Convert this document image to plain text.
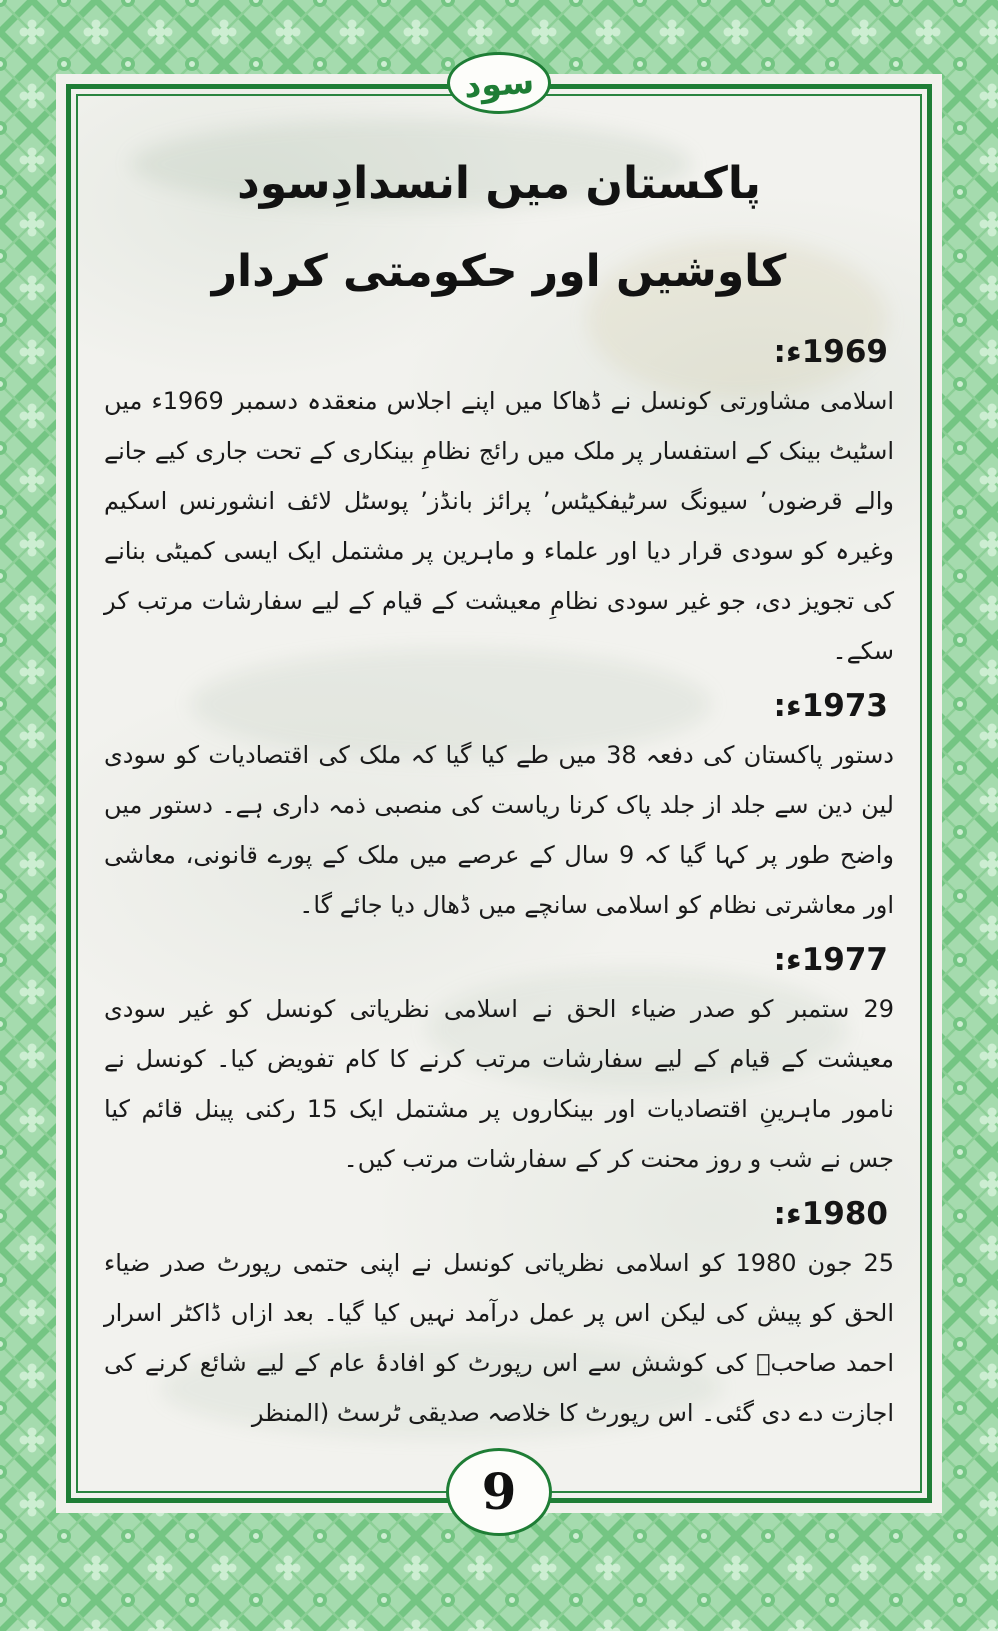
پاکستان میں انسدادِسود
کاوشیں اور حکومتی کردار
1969ء:

اسلامی مشاورتی کونسل نے ڈھاکا میں اپنے اجلاس منعقدہ دسمبر 1969ء میں اسٹیٹ بینک کے استفسار پر ملک میں رائج نظامِ بینکاری کے تحت جاری کیے جانے والے قرضوں’ سیونگ سرٹیفکیٹس’ پرائز بانڈز’ پوسٹل لائف انشورنس اسکیم وغیرہ کو سودی قرار دیا اور علماء و ماہرین پر مشتمل ایک ایسی کمیٹی بنانے کی تجویز دی، جو غیر سودی نظامِ معیشت کے قیام کے لیے سفارشات مرتب کر سکے۔

1973ء:

دستور پاکستان کی دفعہ 38 میں طے کیا گیا کہ ملک کی اقتصادیات کو سودی لین دین سے جلد از جلد پاک کرنا ریاست کی منصبی ذمہ داری ہے۔ دستور میں واضح طور پر کہا گیا کہ 9 سال کے عرصے میں ملک کے پورے قانونی، معاشی اور معاشرتی نظام کو اسلامی سانچے میں ڈھال دیا جائے گا۔

1977ء:

29 ستمبر کو صدر ضیاء الحق نے اسلامی نظریاتی کونسل کو غیر سودی معیشت کے قیام کے لیے سفارشات مرتب کرنے کا کام تفویض کیا۔ کونسل نے نامور ماہرینِ اقتصادیات اور بینکاروں پر مشتمل ایک 15 رکنی پینل قائم کیا جس نے شب و روز محنت کر کے سفارشات مرتب کیں۔

1980ء:

25 جون 1980 کو اسلامی نظریاتی کونسل نے اپنی حتمی رپورٹ صدر ضیاء الحق کو پیش کی لیکن اس پر عمل درآمد نہیں کیا گیا۔ بعد ازاں ڈاکٹر اسرار احمد صاحبؒ کی کوشش سے اس رپورٹ کو افادۂ عام کے لیے شائع کرنے کی اجازت دے دی گئی۔ اس رپورٹ کا خلاصہ صدیقی ٹرسٹ (المنظر

سود
9
